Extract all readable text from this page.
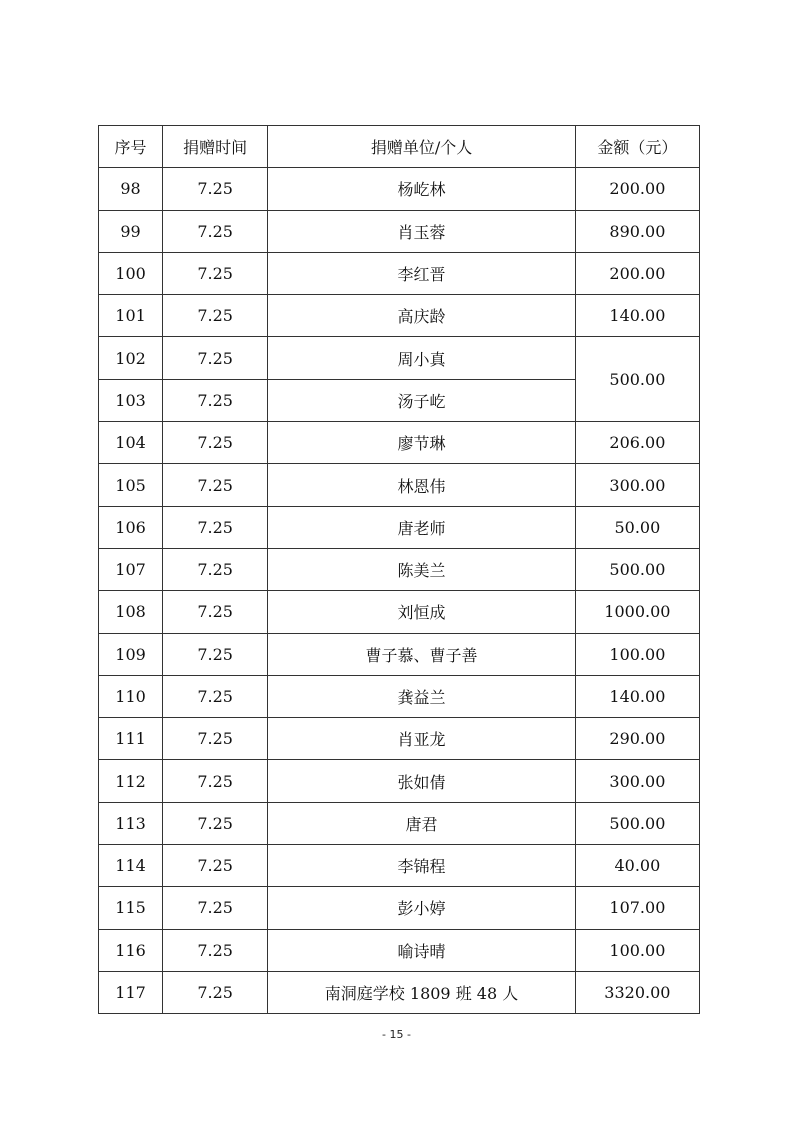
序号	捐赠时间	捐赠单位/个人	金额（元）
98	7.25	杨屹林	200.00
99	7.25	肖玉蓉	890.00
100	7.25	李红晋	200.00
101	7.25	高庆龄	140.00
102	7.25	周小真	500.00
103	7.25	汤子屹	
104	7.25	廖节琳	206.00
105	7.25	林恩伟	300.00
106	7.25	唐老师	50.00
107	7.25	陈美兰	500.00
108	7.25	刘恒成	1000.00
109	7.25	曹子慕、曹子善	100.00
110	7.25	龚益兰	140.00
111	7.25	肖亚龙	290.00
112	7.25	张如倩	300.00
113	7.25	唐君	500.00
114	7.25	李锦程	40.00
115	7.25	彭小婷	107.00
116	7.25	喻诗晴	100.00
117	7.25	南洞庭学校 1809 班 48 人	3320.00
- 15 -
